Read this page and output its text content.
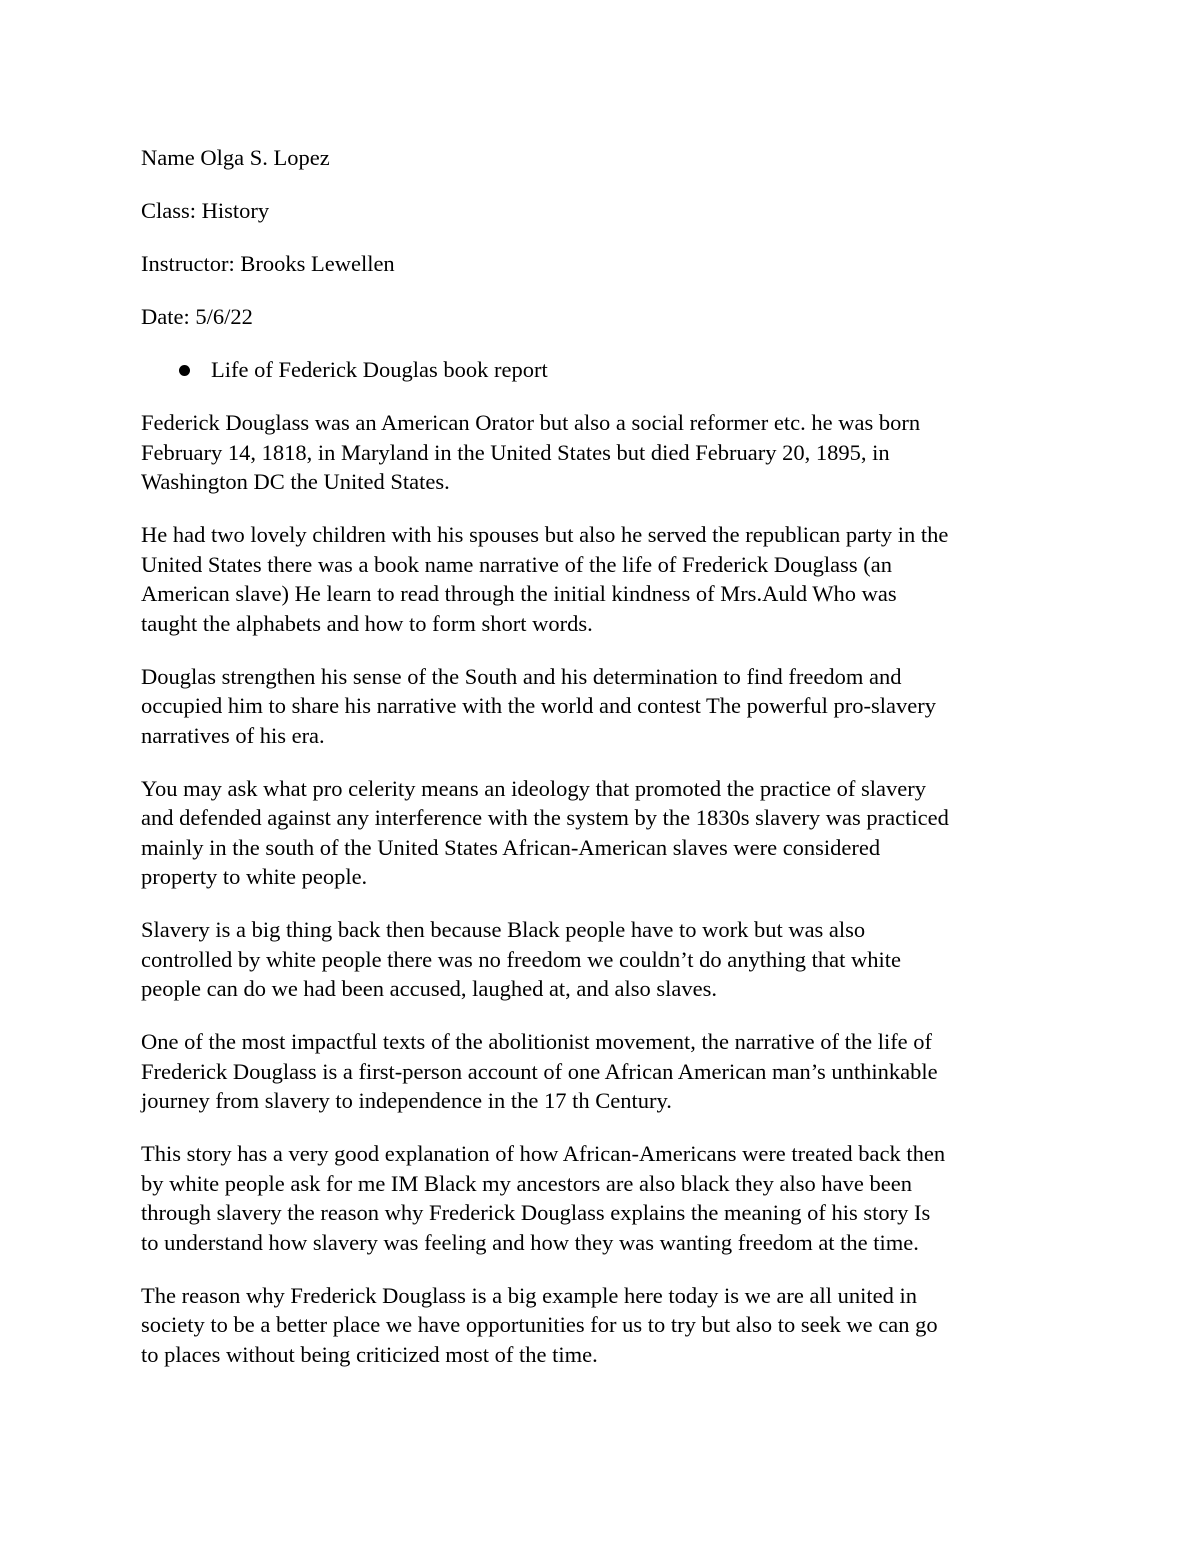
Name Olga S. Lopez
Class: History
Instructor: Brooks Lewellen
Date: 5/6/22
Life of Federick Douglas book report
Federick Douglass was an American Orator but also a social reformer etc. he was born
February 14, 1818, in Maryland in the United States but died February 20, 1895, in
Washington DC the United States.
He had two lovely children with his spouses but also he served the republican party in the
United States there was a book name narrative of the life of Frederick Douglass (an
American slave) He learn to read through the initial kindness of Mrs.Auld Who was
taught the alphabets and how to form short words.
Douglas strengthen his sense of the South and his determination to find freedom and
occupied him to share his narrative with the world and contest The powerful pro-slavery
narratives of his era.
You may ask what pro celerity means an ideology that promoted the practice of slavery
and defended against any interference with the system by the 1830s slavery was practiced
mainly in the south of the United States African-American slaves were considered
property to white people.
Slavery is a big thing back then because Black people have to work but was also
controlled by white people there was no freedom we couldn’t do anything that white
people can do we had been accused, laughed at, and also slaves.
One of the most impactful texts of the abolitionist movement, the narrative of the life of
Frederick Douglass is a first-person account of one African American man’s unthinkable
journey from slavery to independence in the 17 th Century.
This story has a very good explanation of how African-Americans were treated back then
by white people ask for me IM Black my ancestors are also black they also have been
through slavery the reason why Frederick Douglass explains the meaning of his story Is
to understand how slavery was feeling and how they was wanting freedom at the time.
The reason why Frederick Douglass is a big example here today is we are all united in
society to be a better place we have opportunities for us to try but also to seek we can go
to places without being criticized most of the time.
